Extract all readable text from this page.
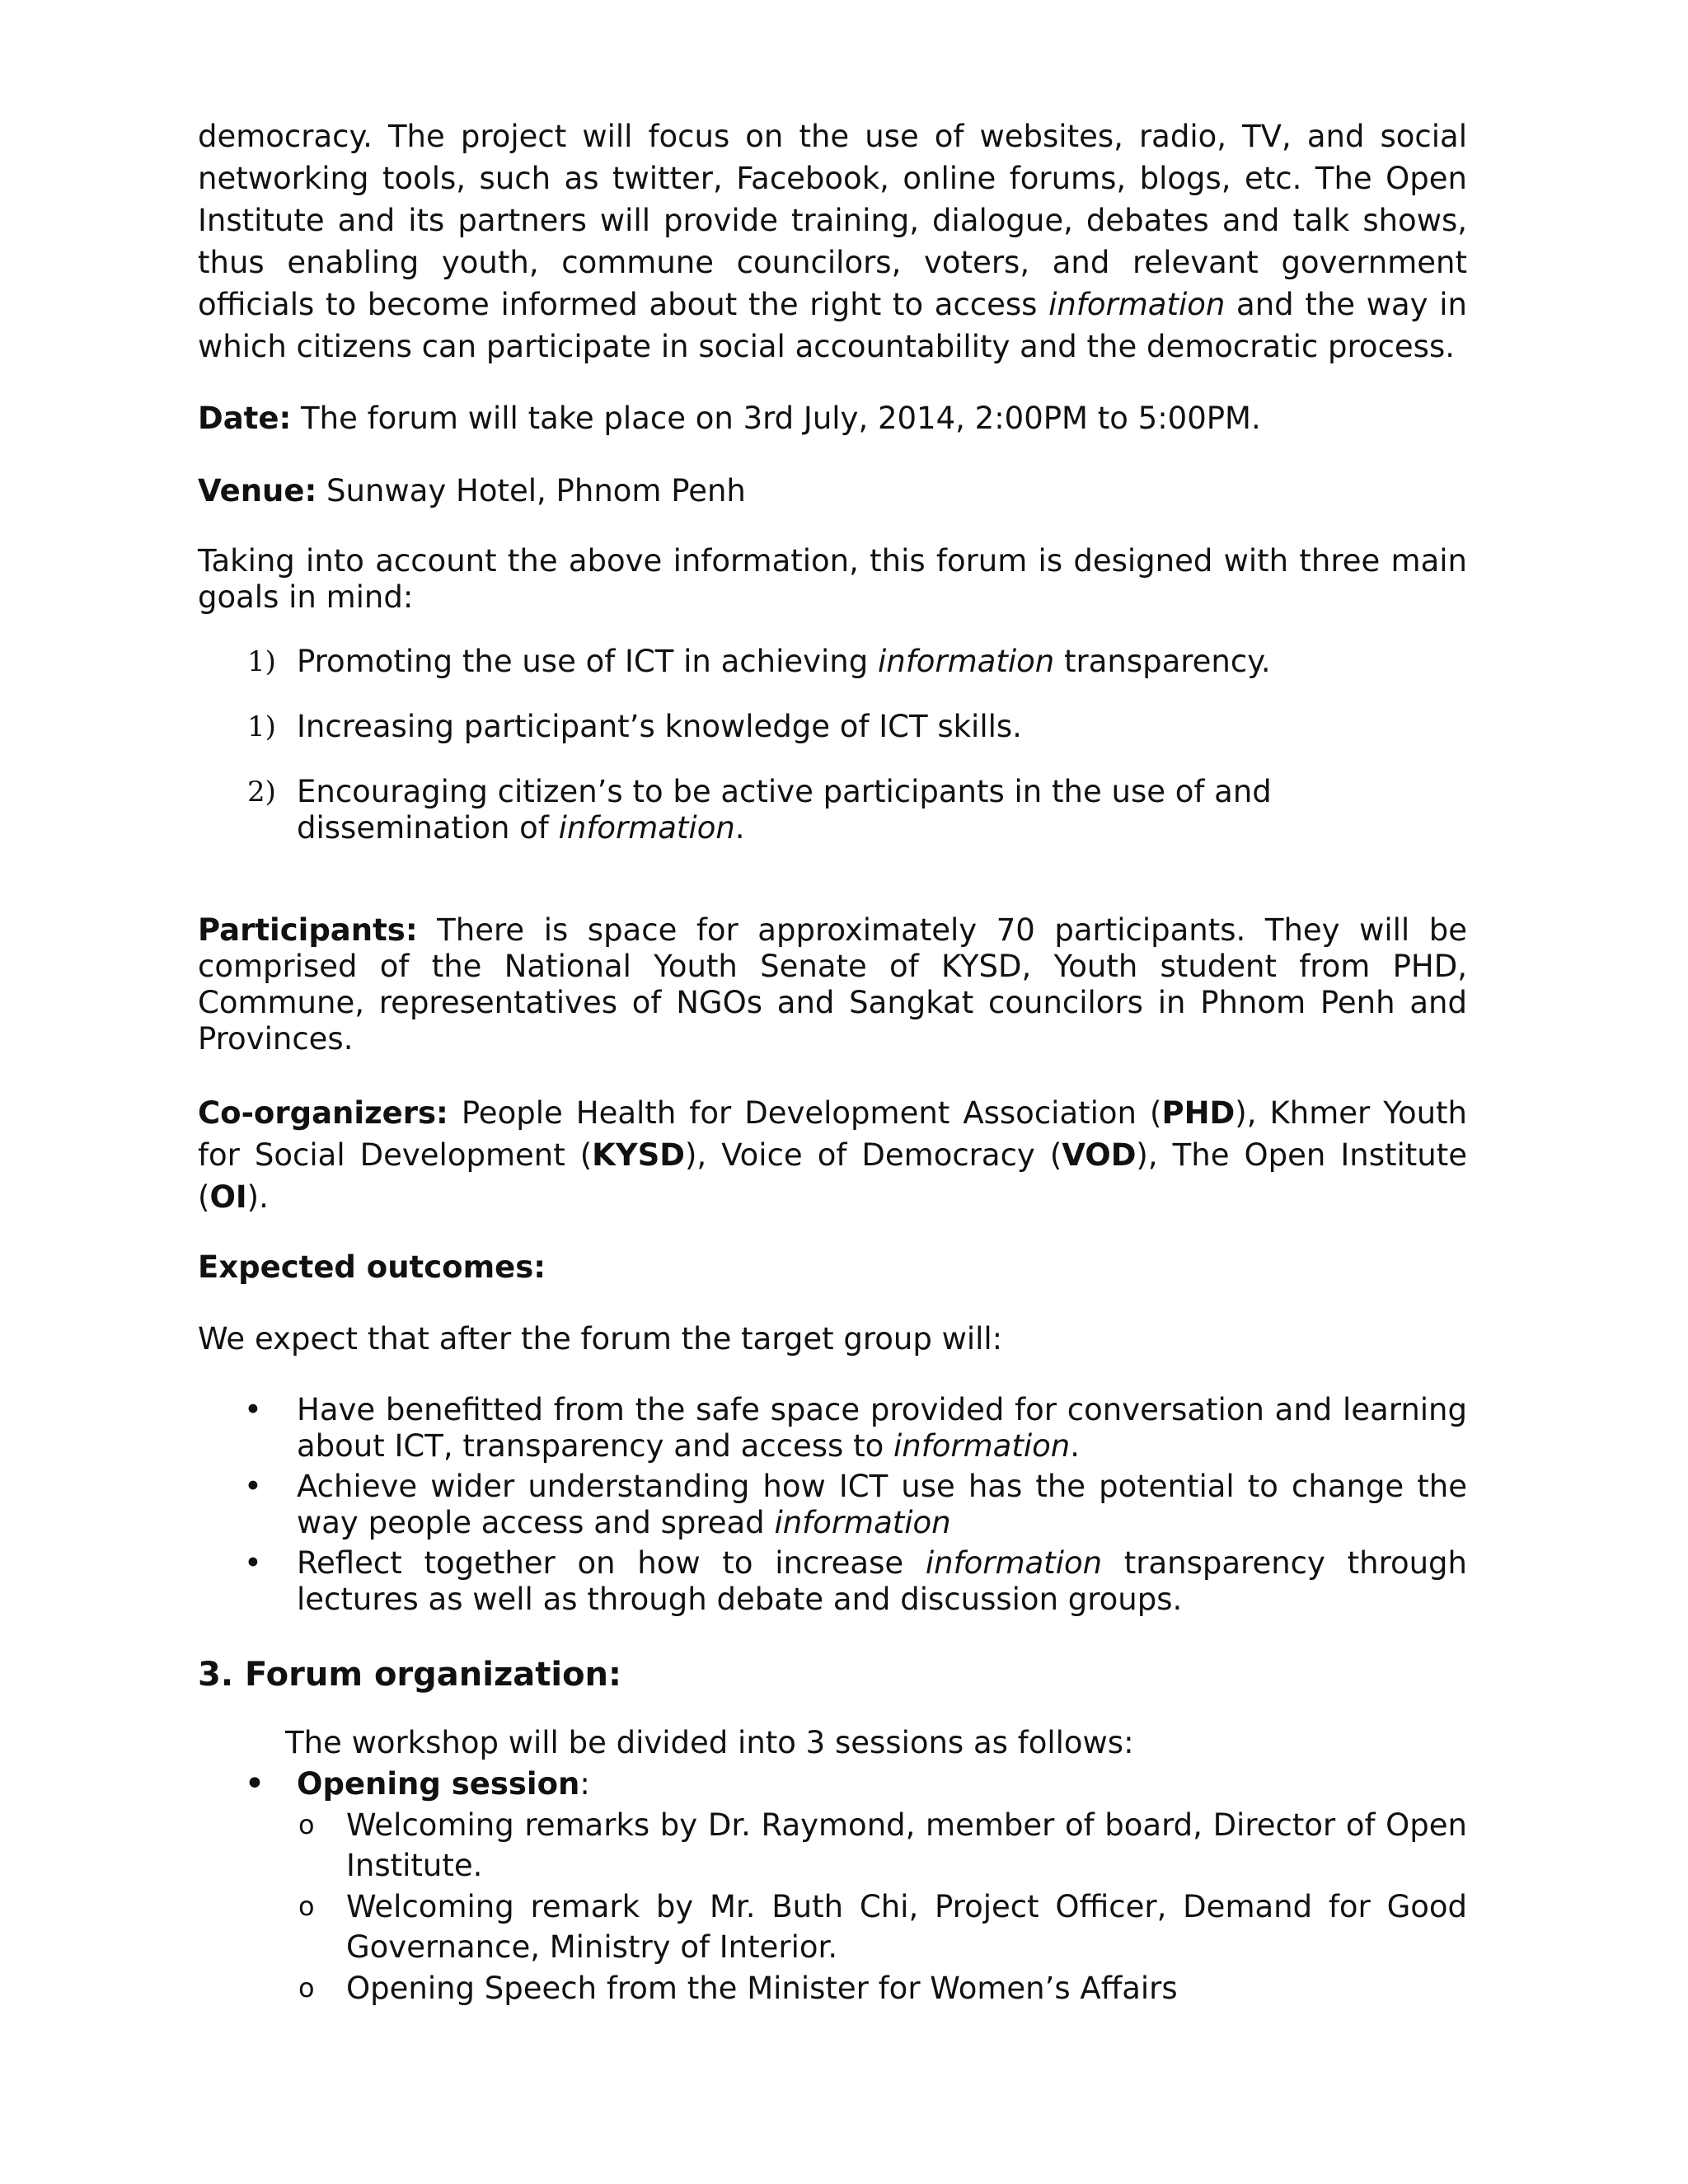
democracy. The project will focus on the use of websites, radio, TV, and social networking tools, such as twitter, Facebook, online forums, blogs, etc. The Open Institute and its partners will provide training, dialogue, debates and talk shows, thus enabling youth, commune councilors, voters, and relevant government officials to become informed about the right to access information and the way in which citizens can participate in social accountability and the democratic process.

Date: The forum will take place on 3rd July, 2014, 2:00PM to 5:00PM.

Venue: Sunway Hotel, Phnom Penh

Taking into account the above information, this forum is designed with three main goals in mind:

1) Promoting the use of ICT in achieving information transparency.
1) Increasing participant’s knowledge of ICT skills.
2) Encouraging citizen’s to be active participants in the use of and dissemination of information.

Participants: There is space for approximately 70 participants. They will be comprised of the National Youth Senate of KYSD, Youth student from PHD, Commune, representatives of NGOs and Sangkat councilors in Phnom Penh and Provinces.

Co-organizers: People Health for Development Association (PHD), Khmer Youth for Social Development (KYSD), Voice of Democracy (VOD), The Open Institute (OI).

Expected outcomes:

We expect that after the forum the target group will:

• Have benefitted from the safe space provided for conversation and learning about ICT, transparency and access to information.
• Achieve wider understanding how ICT use has the potential to change the way people access and spread information
• Reflect together on how to increase information transparency through lectures as well as through debate and discussion groups.
3. Forum organization:

The workshop will be divided into 3 sessions as follows:

• Opening session:
o Welcoming remarks by Dr. Raymond, member of board, Director of Open Institute.
o Welcoming remark by Mr. Buth Chi, Project Officer, Demand for Good Governance, Ministry of Interior.
o Opening Speech from the Minister for Women’s Affairs
